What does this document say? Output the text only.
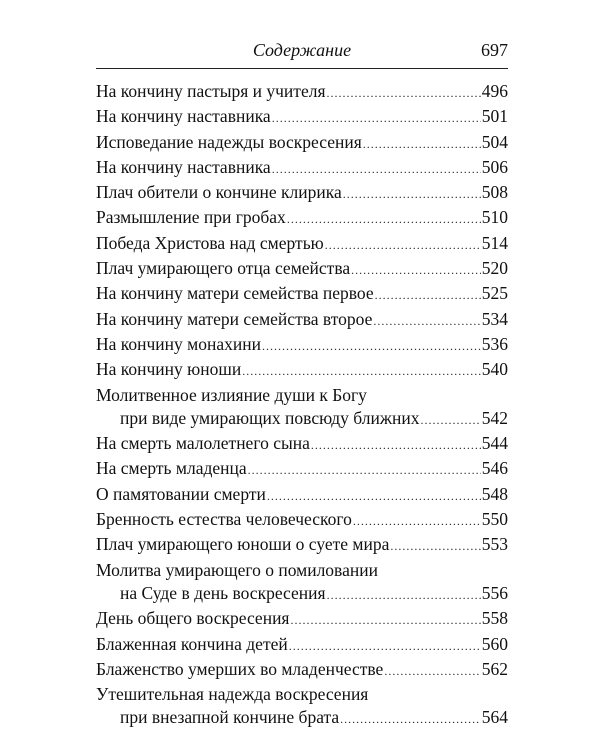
Содержание	697
На кончину пастыря и учителя .....	496
На кончину наставника .....	501
Исповедание надежды воскресения .....	504
На кончину наставника .....	506
Плач обители о кончине клирика .....	508
Размышление при гробах .....	510
Победа Христова над смертью .....	514
Плач умирающего отца семейства .....	520
На кончину матери семейства первое .....	525
На кончину матери семейства второе .....	534
На кончину монахини .....	536
На кончину юноши .....	540
Молитвенное излияние души к Богу
при виде умирающих повсюду ближних .....	542
На смерть малолетнего сына .....	544
На смерть младенца .....	546
О памятовании смерти .....	548
Бренность естества человеческого .....	550
Плач умирающего юноши о суете мира .....	553
Молитва умирающего о помиловании
на Суде в день воскресения .....	556
День общего воскресения .....	558
Блаженная кончина детей .....	560
Блаженство умерших во младенчестве .....	562
Утешительная надежда воскресения
при внезапной кончине брата .....	564
